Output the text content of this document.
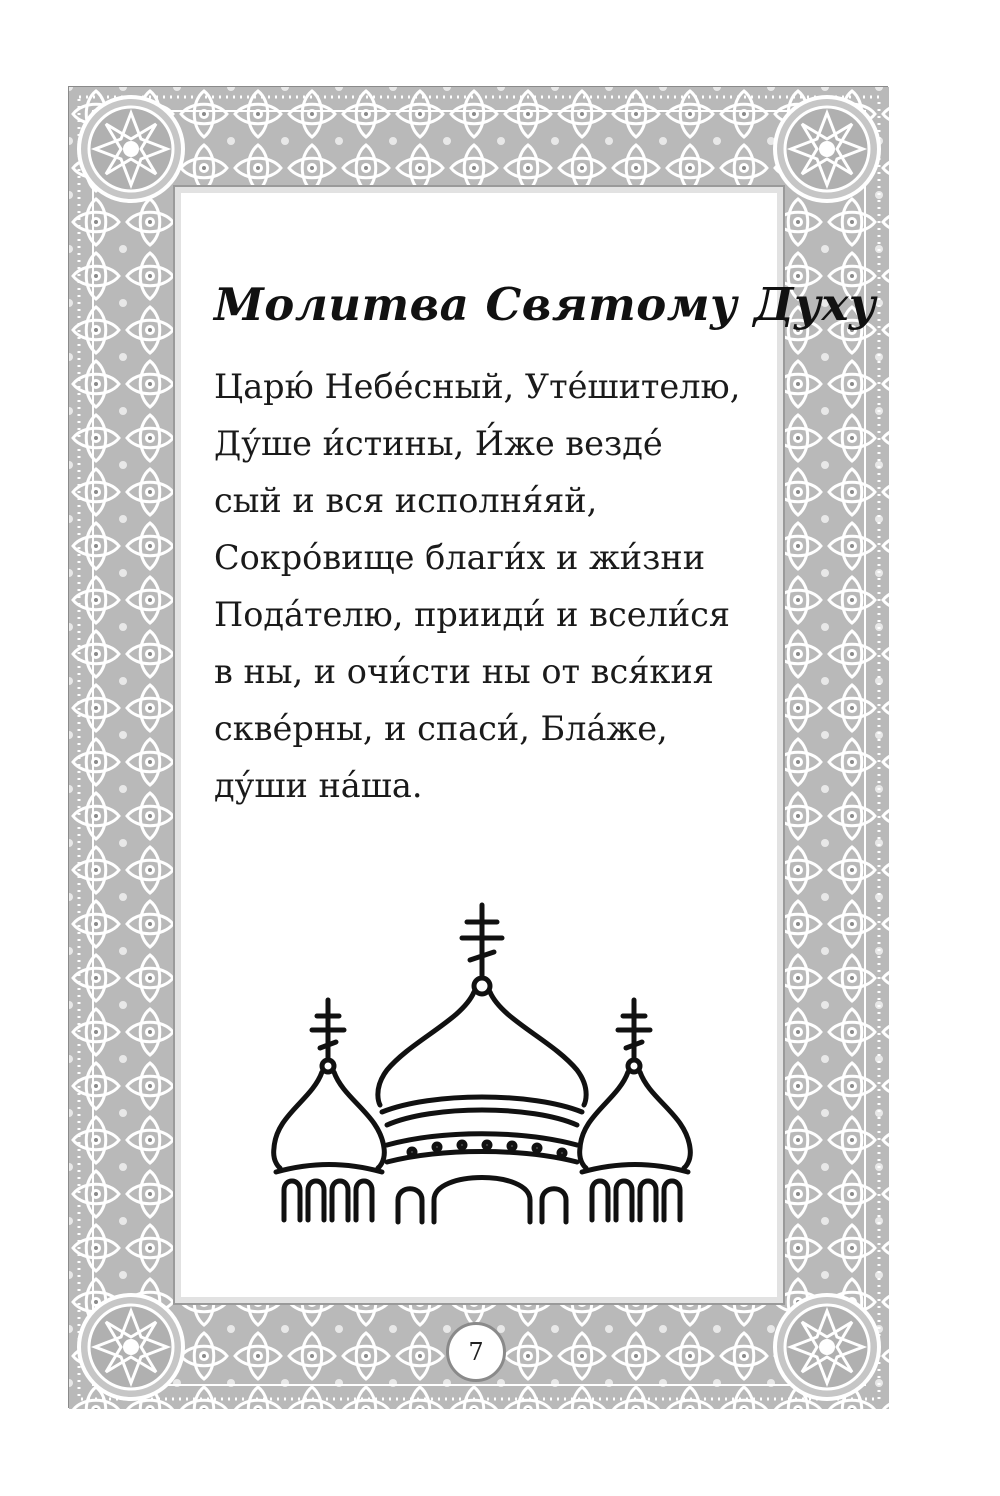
Молитва Святому Духу
Царю́ Небе́сный, Уте́шителю,
Ду́ше и́стины, И́же везде́
сый и вся исполня́яй,
Сокро́вище благи́х и жи́зни
Пода́телю, прииди́ и всели́ся
в ны, и очи́сти ны от вся́кия
скве́рны, и спаси́, Бла́же,
ду́ши на́ша.
7
